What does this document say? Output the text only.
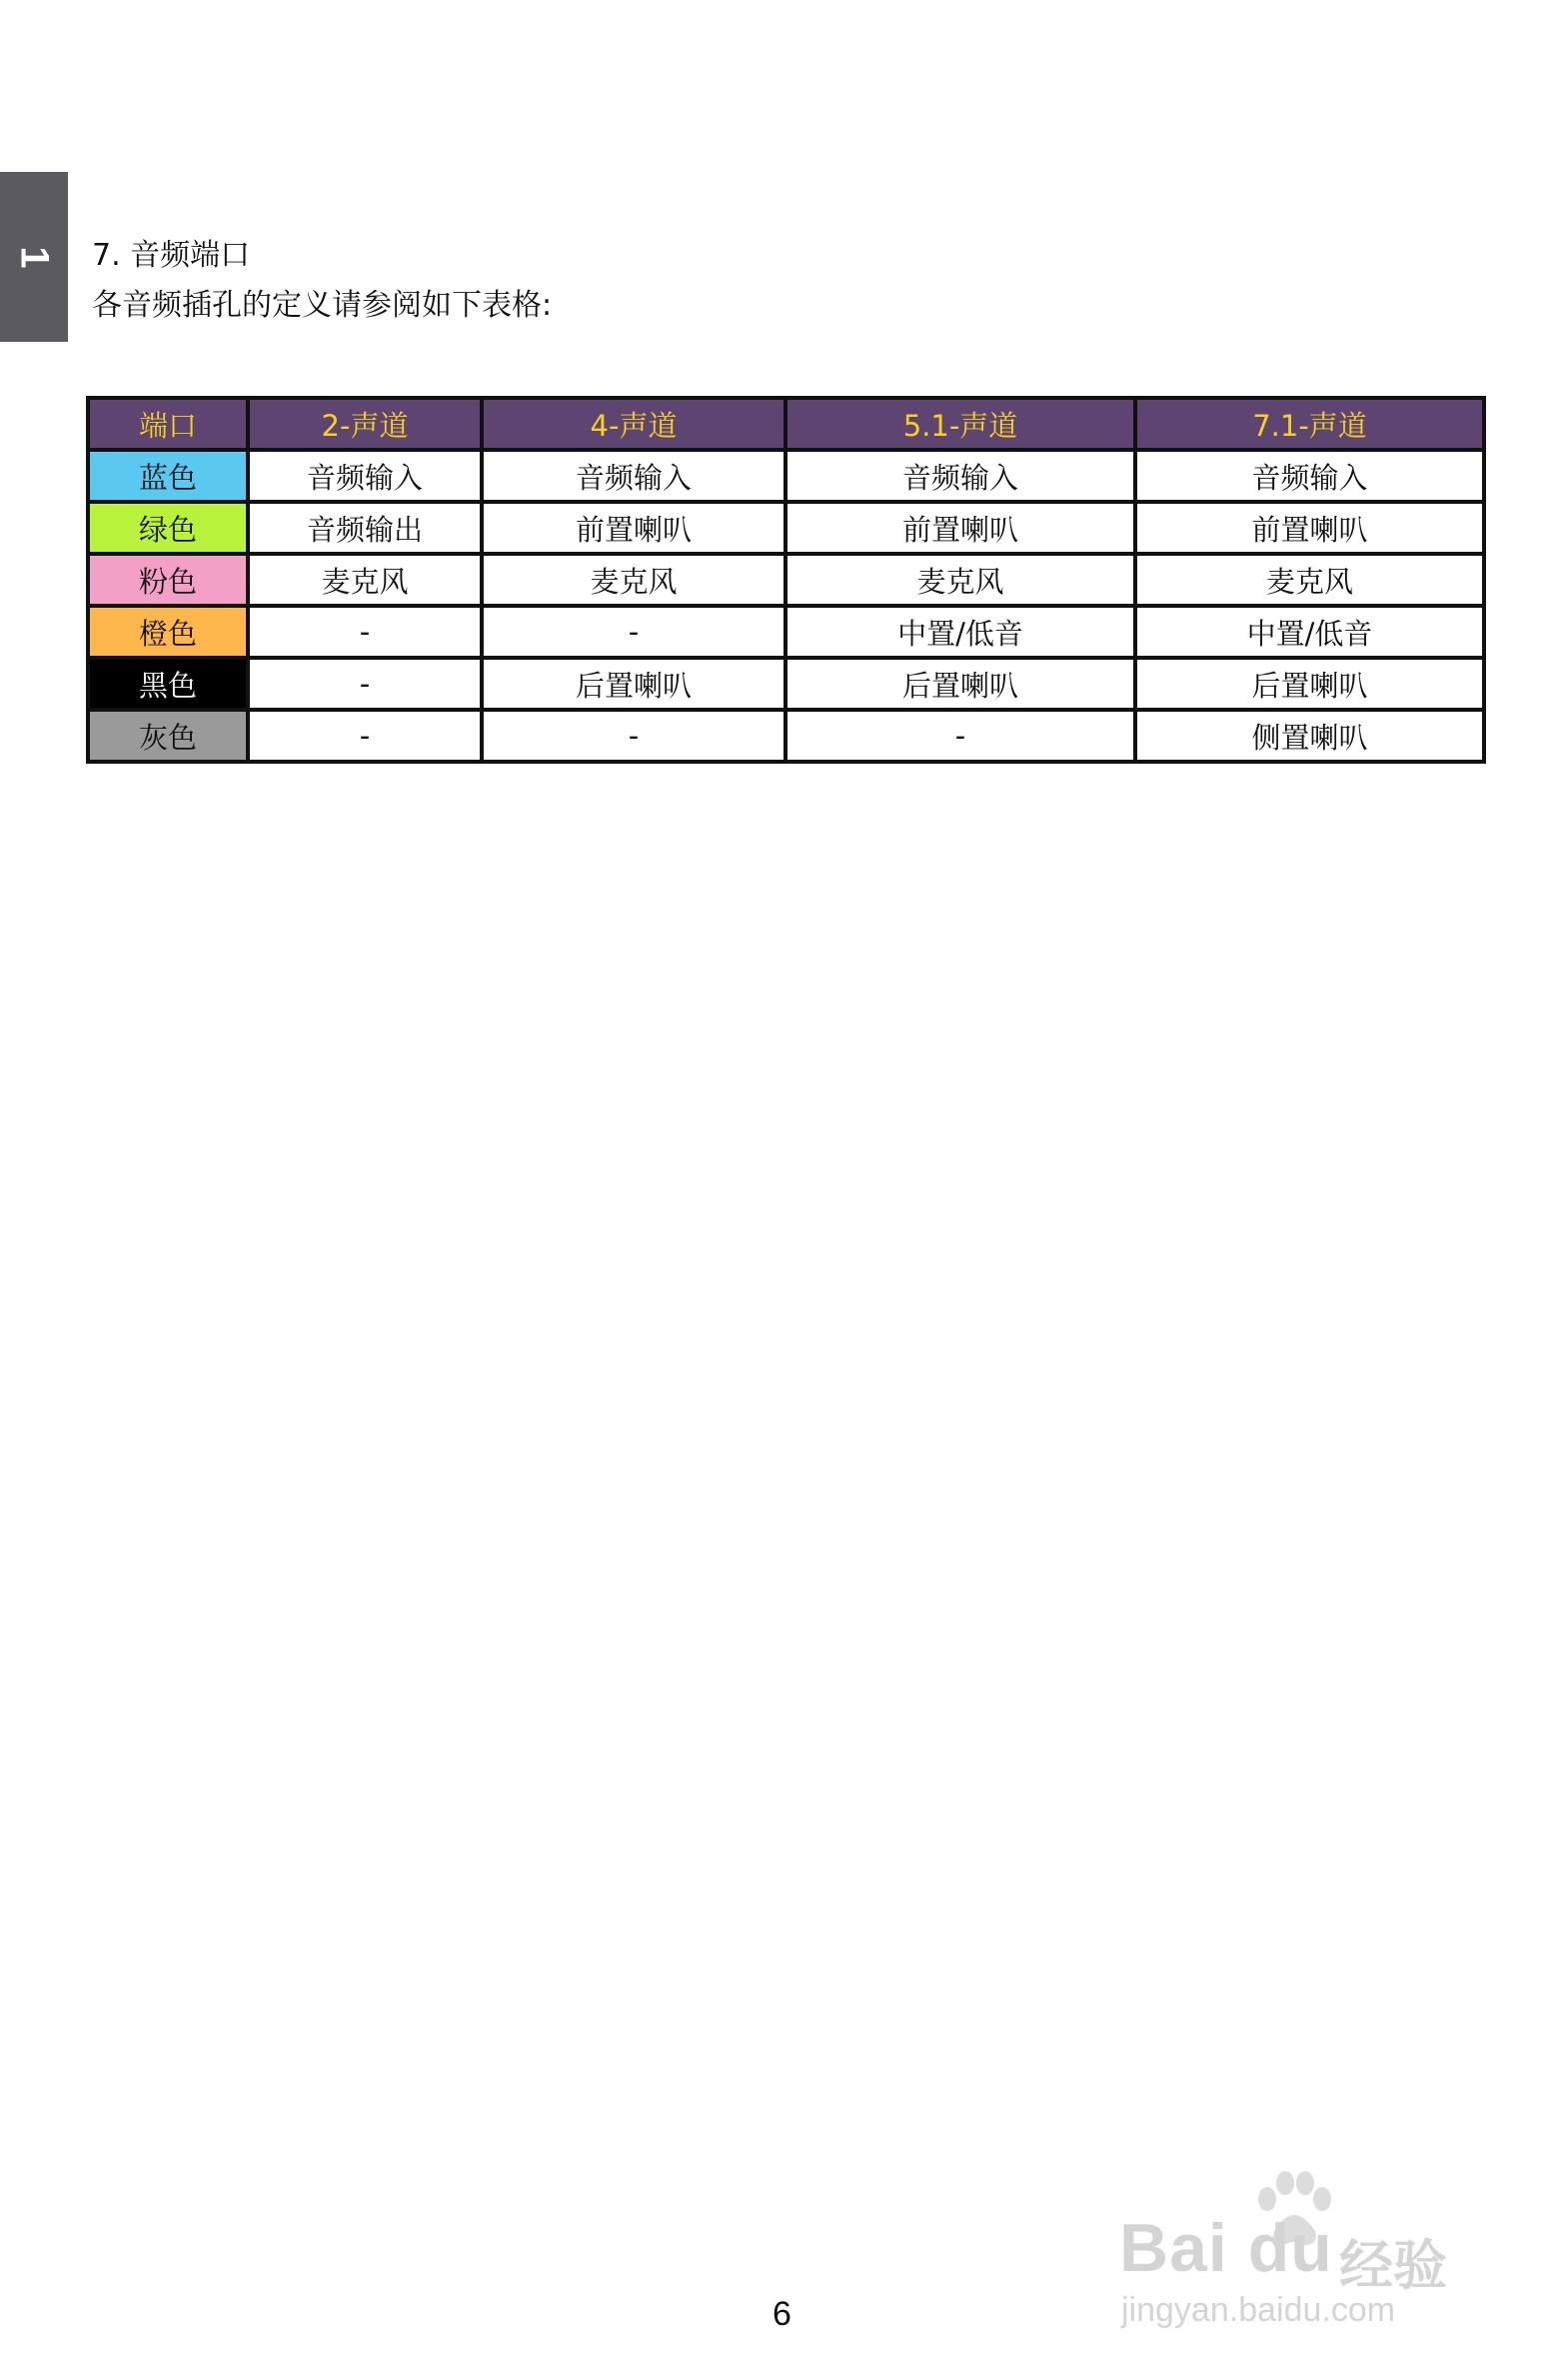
1 7. 音频端口
各音频插孔的定义请参阅如下表格:
端口	2-声道	4-声道	5.1-声道	7.1-声道
蓝色	音频输入	音频输入	音频输入	音频输入
绿色	音频输出	前置喇叭	前置喇叭	前置喇叭
粉色	麦克风	麦克风	麦克风	麦克风
橙色	-	-	中置/低音	中置/低音
黑色	-	后置喇叭	后置喇叭	后置喇叭
灰色	-	-	-	侧置喇叭
6
Bai du 经验
jingyan.baidu.com
